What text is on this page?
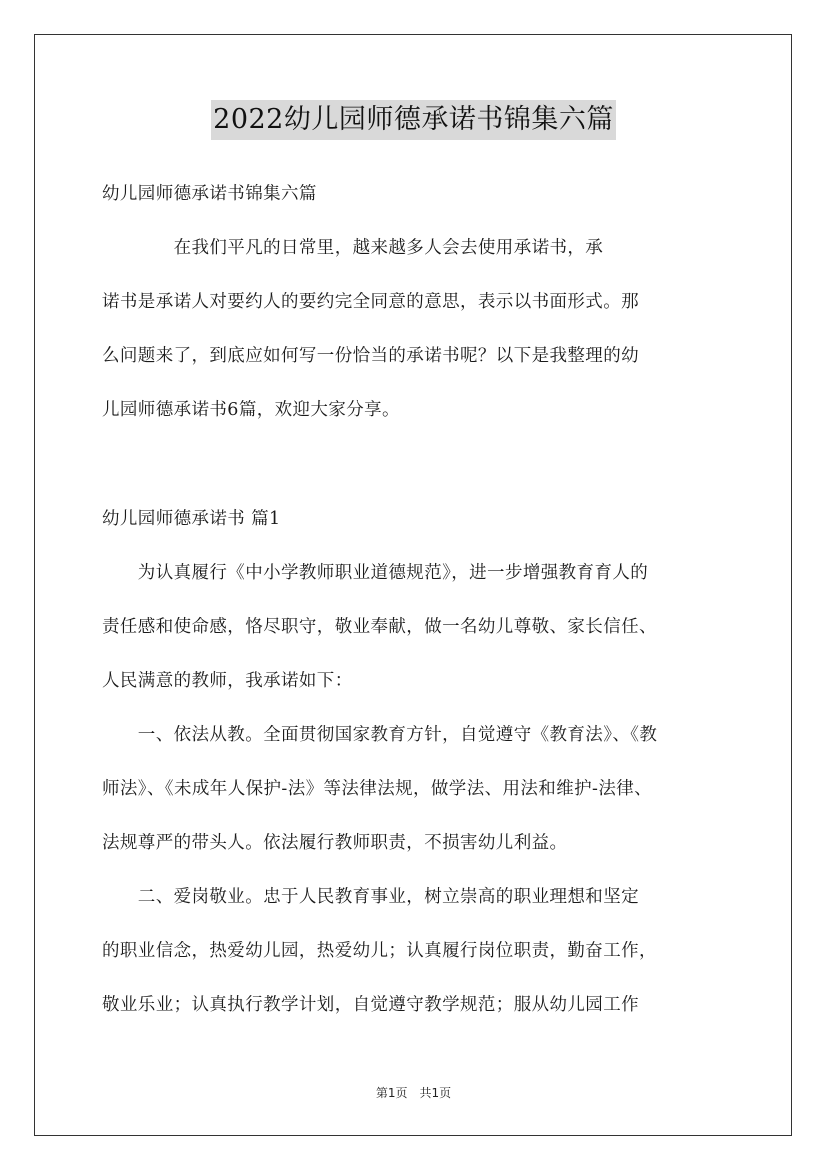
2022幼儿园师德承诺书锦集六篇
幼儿园师德承诺书锦集六篇
　　　　在我们平凡的日常里，越来越多人会去使用承诺书，承
诺书是承诺人对要约人的要约完全同意的意思，表示以书面形式。那
么问题来了，到底应如何写一份恰当的承诺书呢？以下是我整理的幼
儿园师德承诺书6篇，欢迎大家分享。
幼儿园师德承诺书 篇1
　　为认真履行《中小学教师职业道德规范》，进一步增强教育育人的
责任感和使命感，恪尽职守，敬业奉献，做一名幼儿尊敬、家长信任、
人民满意的教师，我承诺如下：
　　一、依法从教。全面贯彻国家教育方针，自觉遵守《教育法》、《教
师法》、《未成年人保护-法》等法律法规，做学法、用法和维护-法律、
法规尊严的带头人。依法履行教师职责，不损害幼儿利益。
　　二、爱岗敬业。忠于人民教育事业，树立崇高的职业理想和坚定
的职业信念，热爱幼儿园，热爱幼儿；认真履行岗位职责，勤奋工作，
敬业乐业；认真执行教学计划，自觉遵守教学规范；服从幼儿园工作
第1页　共1页
